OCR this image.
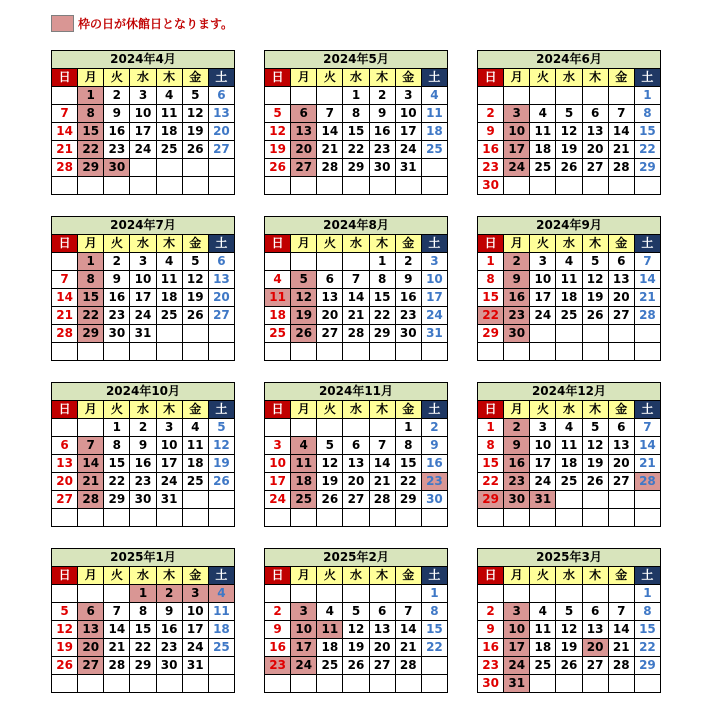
枠の日が休館日となります。
2024年4月						
日	月	火	水	木	金	土
	1	2	3	4	5	6
7	8	9	10	11	12	13
14	15	16	17	18	19	20
21	22	23	24	25	26	27
28	29	30				

2024年5月						
日	月	火	水	木	金	土
			1	2	3	4
5	6	7	8	9	10	11
12	13	14	15	16	17	18
19	20	21	22	23	24	25
26	27	28	29	30	31	

2024年6月						
日	月	火	水	木	金	土
						1
2	3	4	5	6	7	8
9	10	11	12	13	14	15
16	17	18	19	20	21	22
23	24	25	26	27	28	29
30						
2024年7月						
日	月	火	水	木	金	土
	1	2	3	4	5	6
7	8	9	10	11	12	13
14	15	16	17	18	19	20
21	22	23	24	25	26	27
28	29	30	31			

2024年8月						
日	月	火	水	木	金	土
				1	2	3
4	5	6	7	8	9	10
11	12	13	14	15	16	17
18	19	20	21	22	23	24
25	26	27	28	29	30	31

2024年9月						
日	月	火	水	木	金	土
1	2	3	4	5	6	7
8	9	10	11	12	13	14
15	16	17	18	19	20	21
22	23	24	25	26	27	28
29	30					

2024年10月						
日	月	火	水	木	金	土
		1	2	3	4	5
6	7	8	9	10	11	12
13	14	15	16	17	18	19
20	21	22	23	24	25	26
27	28	29	30	31		

2024年11月						
日	月	火	水	木	金	土
					1	2
3	4	5	6	7	8	9
10	11	12	13	14	15	16
17	18	19	20	21	22	23
24	25	26	27	28	29	30

2024年12月						
日	月	火	水	木	金	土
1	2	3	4	5	6	7
8	9	10	11	12	13	14
15	16	17	18	19	20	21
22	23	24	25	26	27	28
29	30	31				

2025年1月						
日	月	火	水	木	金	土
			1	2	3	4
5	6	7	8	9	10	11
12	13	14	15	16	17	18
19	20	21	22	23	24	25
26	27	28	29	30	31	

2025年2月						
日	月	火	水	木	金	土
						1
2	3	4	5	6	7	8
9	10	11	12	13	14	15
16	17	18	19	20	21	22
23	24	25	26	27	28	

2025年3月						
日	月	火	水	木	金	土
						1
2	3	4	5	6	7	8
9	10	11	12	13	14	15
16	17	18	19	20	21	22
23	24	25	26	27	28	29
30	31					
